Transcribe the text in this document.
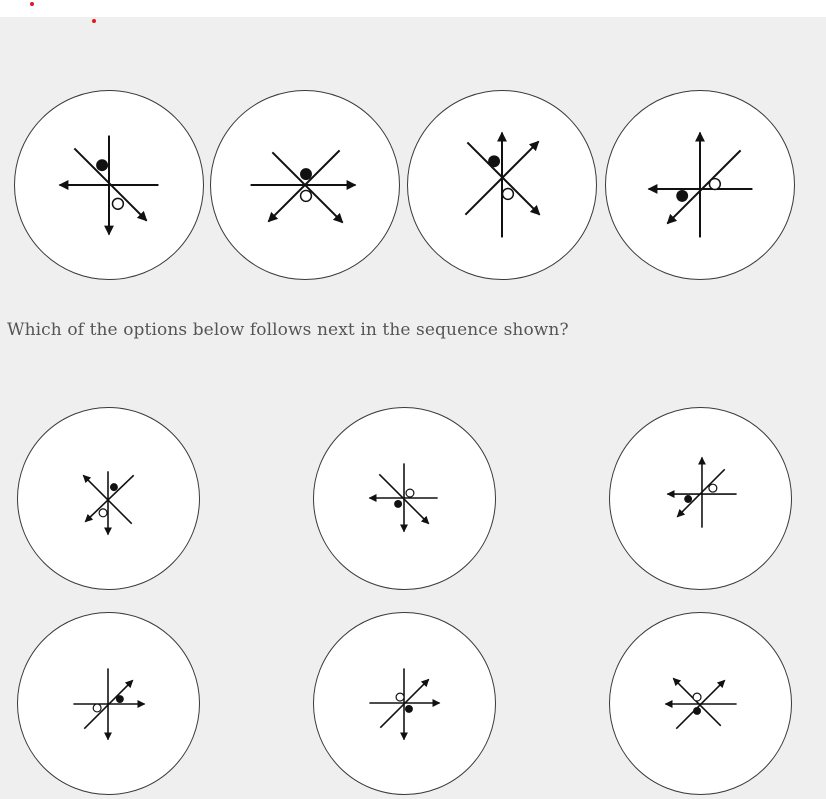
Which of the options below follows next in the sequence shown?
